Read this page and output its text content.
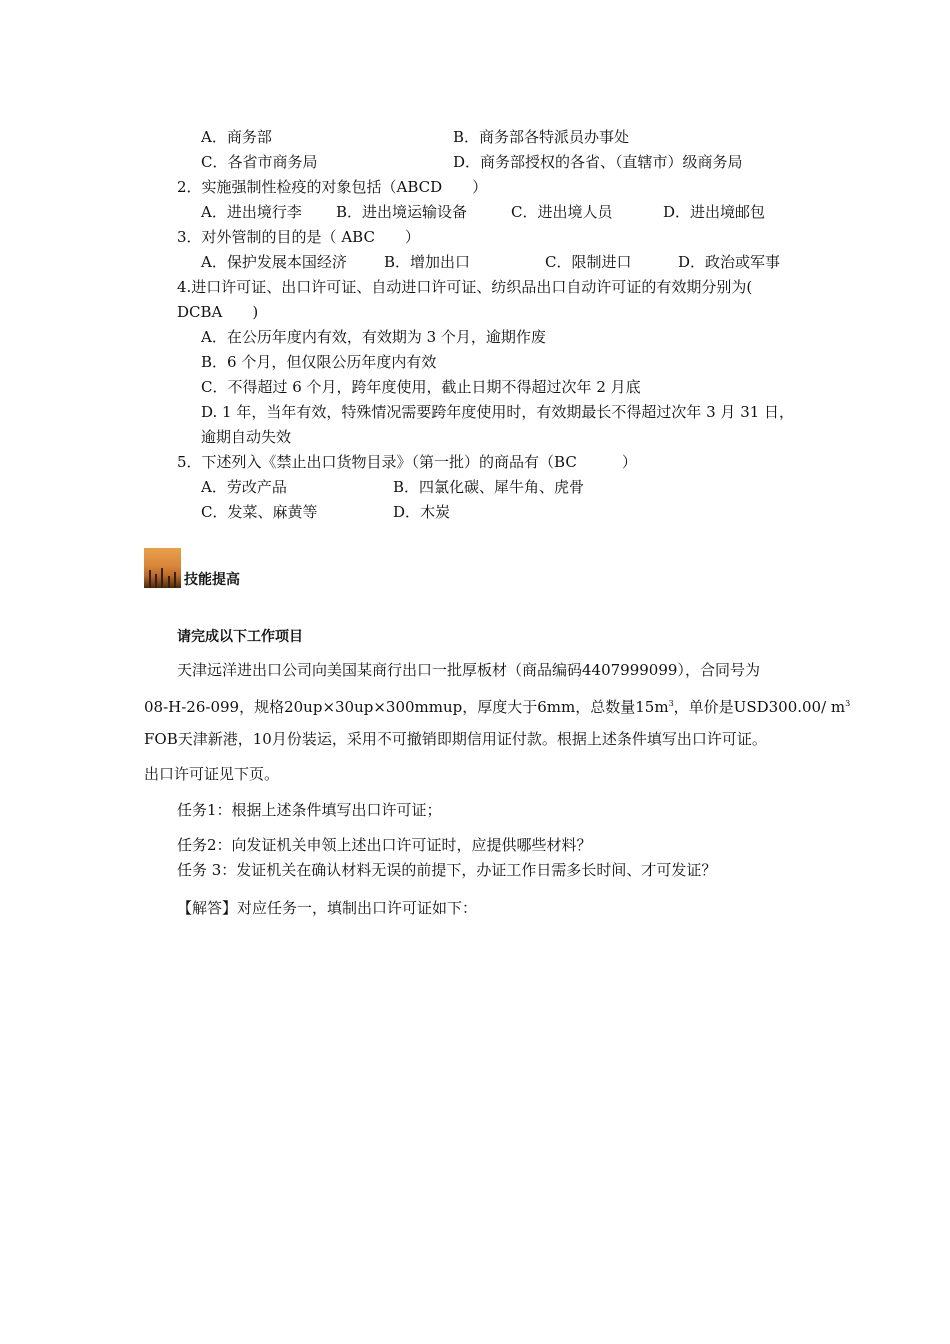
A．商务部	B．商务部各特派员办事处
C．各省市商务局	D．商务部授权的各省、（直辖市）级商务局
2．实施强制性检疫的对象包括（ABCD　　）
A．进出境行李 B．进出境运输设备	C．进出境人员	D．进出境邮包
3．对外管制的目的是（ ABC　　）
A．保护发展本国经济 B．增加出口	C．限制进口	D．政治或军事
4.进口许可证、出口许可证、自动进口许可证、纺织品出口自动许可证的有效期分别为(
DCBA　　)
A．在公历年度内有效，有效期为 3 个月，逾期作废
B．6 个月，但仅限公历年度内有效
C．不得超过 6 个月，跨年度使用，截止日期不得超过次年 2 月底
D. 1 年，当年有效，特殊情况需要跨年度使用时，有效期最长不得超过次年 3 月 31 日，
逾期自动失效
5．下述列入《禁止出口货物目录》（第一批）的商品有（BC　　　）
A．劳改产品	B．四氯化碳、犀牛角、虎骨
C．发菜、麻黄等	D．木炭
技能提高
请完成以下工作项目
天津远洋进出口公司向美国某商行出口一批厚板材（商品编码4407999099），合同号为
08-H-26-099，规格20up×30up×300mmup，厚度大于6mm，总数量$15m^3$，单价是USD300.00/ $m^3$
FOB天津新港，10月份装运，采用不可撤销即期信用证付款。根据上述条件填写出口许可证。
出口许可证见下页。
任务1：根据上述条件填写出口许可证；
任务2：向发证机关申领上述出口许可证时，应提供哪些材料？
任务 3：发证机关在确认材料无误的前提下，办证工作日需多长时间、才可发证？
【解答】对应任务一，填制出口许可证如下：
